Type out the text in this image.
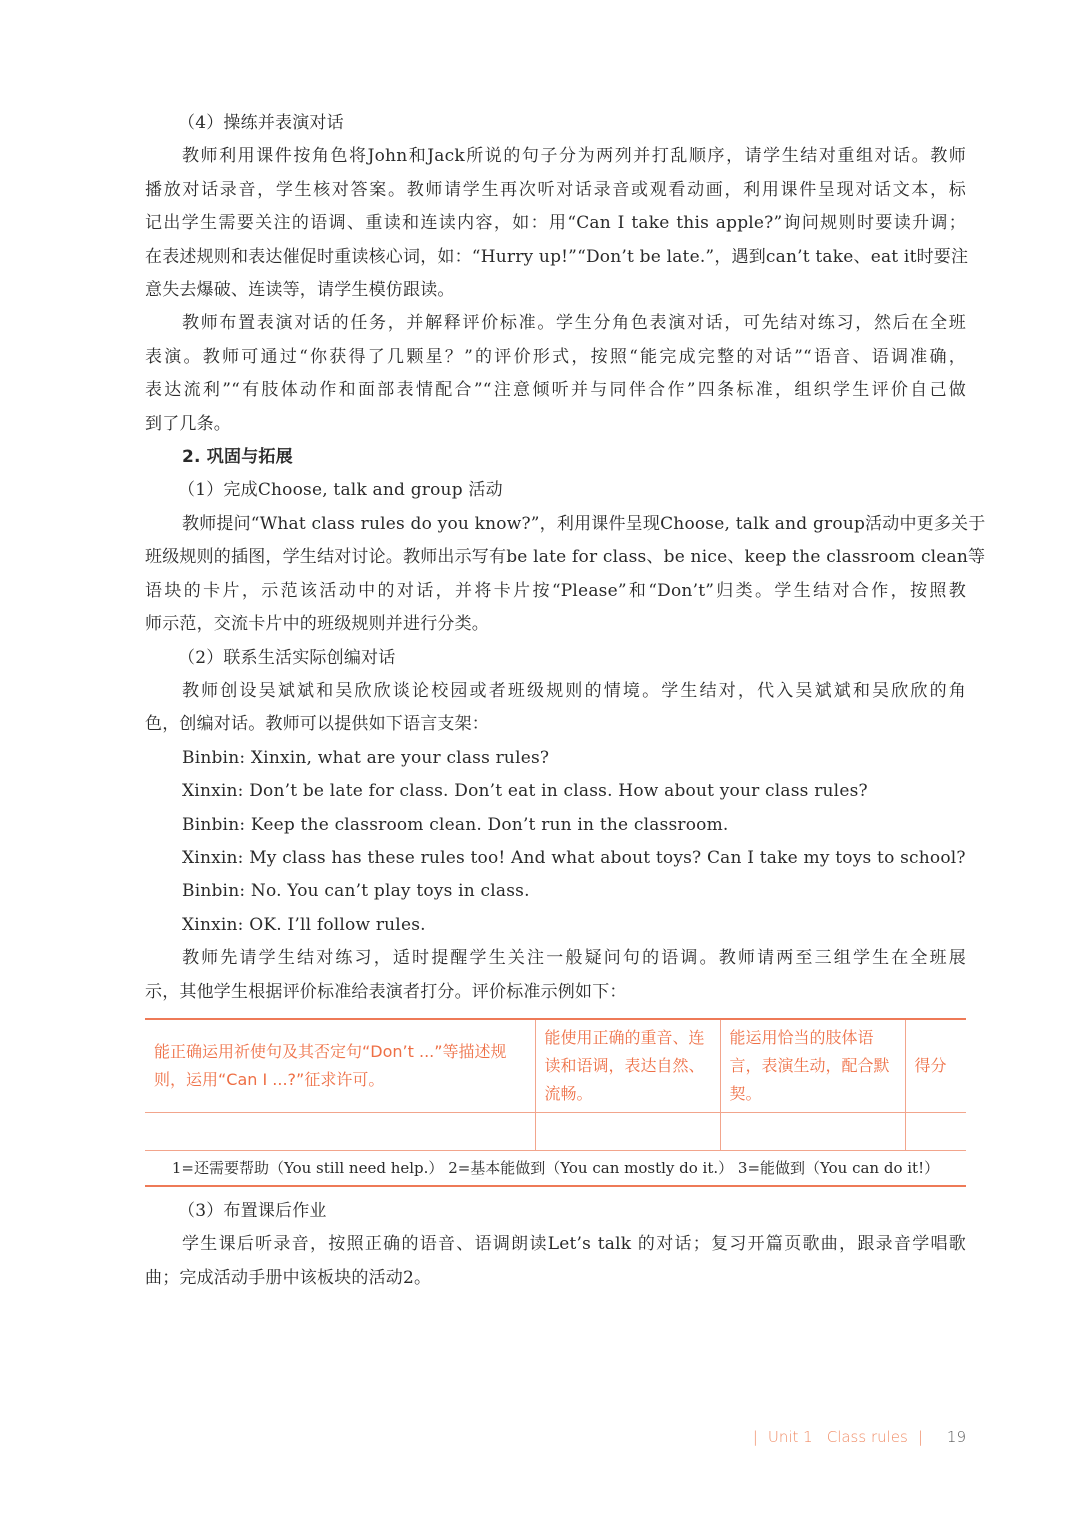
（4）操练并表演对话
教师利用课件按角色将John和Jack所说的句子分为两列并打乱顺序，请学生结对重组对话。教师
播放对话录音，学生核对答案。教师请学生再次听对话录音或观看动画，利用课件呈现对话文本，标
记出学生需要关注的语调、重读和连读内容，如：用“Can I take this apple?”询问规则时要读升调；
在表述规则和表达催促时重读核心词，如：“Hurry up!”“Don’t be late.”，遇到can’t take、eat it时要注
意失去爆破、连读等，请学生模仿跟读。
教师布置表演对话的任务，并解释评价标准。学生分角色表演对话，可先结对练习，然后在全班
表演。教师可通过“你获得了几颗星？”的评价形式，按照“能完成完整的对话”“语音、语调准确，
表达流利”“有肢体动作和面部表情配合”“注意倾听并与同伴合作”四条标准，组织学生评价自己做
到了几条。
2. 巩固与拓展
（1）完成Choose, talk and group 活动
教师提问“What class rules do you know?”，利用课件呈现Choose, talk and group活动中更多关于
班级规则的插图，学生结对讨论。教师出示写有be late for class、be nice、keep the classroom clean等
语块的卡片，示范该活动中的对话，并将卡片按“Please”和“Don’t”归类。学生结对合作，按照教
师示范，交流卡片中的班级规则并进行分类。
（2）联系生活实际创编对话
教师创设吴斌斌和吴欣欣谈论校园或者班级规则的情境。学生结对，代入吴斌斌和吴欣欣的角
色，创编对话。教师可以提供如下语言支架：
Binbin: Xinxin, what are your class rules?
Xinxin: Don’t be late for class. Don’t eat in class. How about your class rules?
Binbin: Keep the classroom clean. Don’t run in the classroom.
Xinxin: My class has these rules too! And what about toys? Can I take my toys to school?
Binbin: No. You can’t play toys in class.
Xinxin: OK. I’ll follow rules.
教师先请学生结对练习，适时提醒学生关注一般疑问句的语调。教师请两至三组学生在全班展
示，其他学生根据评价标准给表演者打分。评价标准示例如下：
能正确运用祈使句及其否定句“Don’t ...”等描述规则，运用“Can I ...?”征求许可。	能使用正确的重音、连读和语调，表达自然、流畅。	能运用恰当的肢体语言，表演生动，配合默契。	得分

1=还需要帮助（You still need help.） 2=基本能做到（You can mostly do it.） 3=能做到（You can do it!）
（3）布置课后作业
学生课后听录音，按照正确的语音、语调朗读Let’s talk 的对话；复习开篇页歌曲，跟录音学唱歌
曲；完成活动手册中该板块的活动2。
| Unit 1 Class rules | 19
